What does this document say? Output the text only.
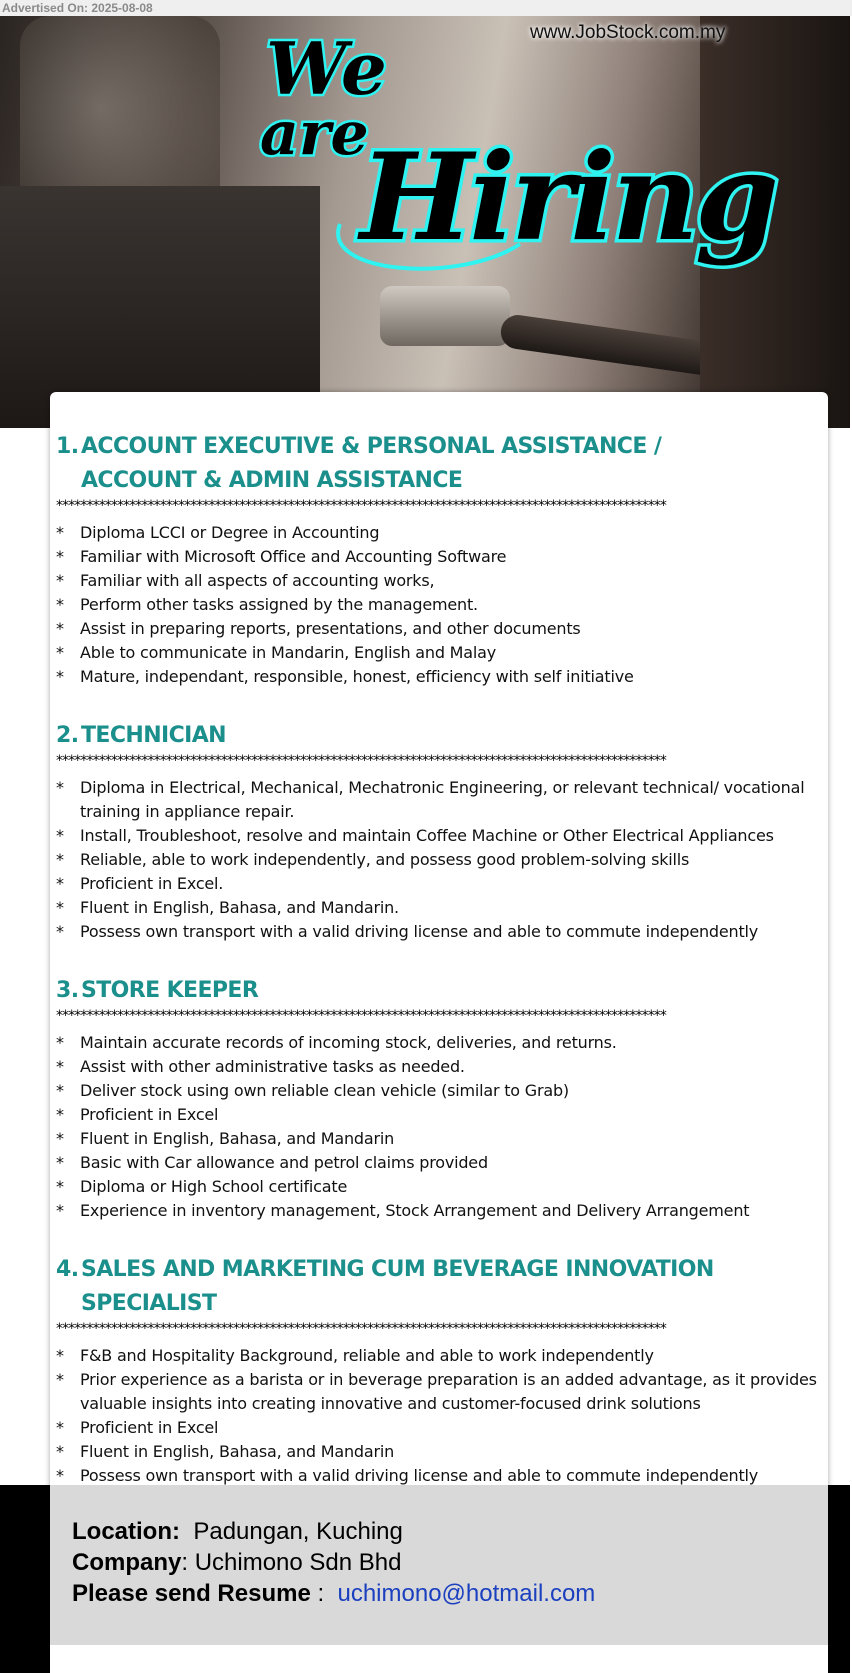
Advertised On: 2025-08-08
We
are
Hiring
www.JobStock.com.my
1. ACCOUNT EXECUTIVE & PERSONAL ASSISTANCE /
ACCOUNT & ADMIN ASSISTANCE
****************************************************************************************************
* Diploma LCCI or Degree in Accounting
* Familiar with Microsoft Office and Accounting Software
* Familiar with all aspects of accounting works,
* Perform other tasks assigned by the management.
* Assist in preparing reports, presentations, and other documents
* Able to communicate in Mandarin, English and Malay
* Mature, independant, responsible, honest, efficiency with self initiative
2. TECHNICIAN
****************************************************************************************************
* Diploma in Electrical, Mechanical, Mechatronic Engineering, or relevant technical/ vocational training in appliance repair.
* Install, Troubleshoot, resolve and maintain Coffee Machine or Other Electrical Appliances
* Reliable, able to work independently, and possess good problem-solving skills
* Proficient in Excel.
* Fluent in English, Bahasa, and Mandarin.
* Possess own transport with a valid driving license and able to commute independently
3. STORE KEEPER
****************************************************************************************************
* Maintain accurate records of incoming stock, deliveries, and returns.
* Assist with other administrative tasks as needed.
* Deliver stock using own reliable clean vehicle (similar to Grab)
* Proficient in Excel
* Fluent in English, Bahasa, and Mandarin
* Basic with Car allowance and petrol claims provided
* Diploma or High School certificate
* Experience in inventory management, Stock Arrangement and Delivery Arrangement
4. SALES AND MARKETING CUM BEVERAGE INNOVATION SPECIALIST
****************************************************************************************************
* F&B and Hospitality Background, reliable and able to work independently
* Prior experience as a barista or in beverage preparation is an added advantage, as it provides valuable insights into creating innovative and customer-focused drink solutions
* Proficient in Excel
* Fluent in English, Bahasa, and Mandarin
* Possess own transport with a valid driving license and able to commute independently
Location: Padungan, Kuching
Company: Uchimono Sdn Bhd
Please send Resume : uchimono@hotmail.com
